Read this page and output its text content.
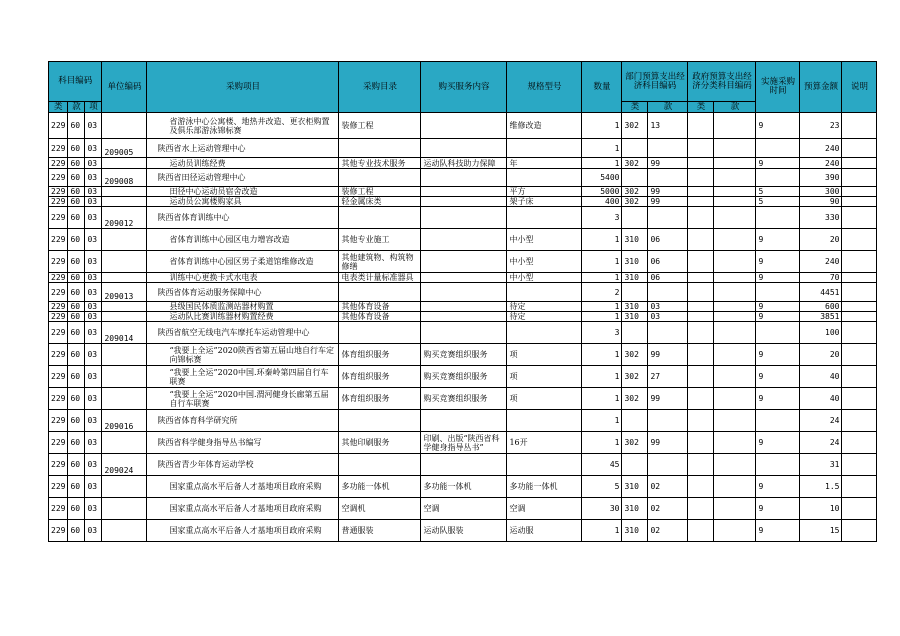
科目编码			单位编码	采购项目	采购目录	购买服务内容	规格型号	数量	部门预算支出经济科目编码		政府预算支出经济分类科目编码		实施采购时间	预算金额	说明
类	款	项							类	款	类	款			
229	60	03		省游泳中心公寓楼、地热井改造、更衣柜购置及俱乐部游泳锦标赛	装修工程		维修改造	1	302	13			9	23	
229	60	03	209005	陕西省水上运动管理中心				1						240	
229	60	03		运动员训练经费	其他专业技术服务	运动队科技助力保障	年	1	302	99			9	240	
229	60	03	209008	陕西省田径运动管理中心				5400						390	
229	60	03		田径中心运动员宿舍改造	装修工程		平方	5000	302	99			5	300	
229	60	03		运动员公寓楼购家具	轻金属床类		架子床	400	302	99			5	90	
229	60	03	209012	陕西省体育训练中心				3						330	
229	60	03		省体育训练中心园区电力增容改造	其他专业施工		中小型	1	310	06			9	20	
229	60	03		省体育训练中心园区男子柔道馆维修改造	其他建筑物、构筑物修缮		中小型	1	310	06			9	240	
229	60	03		训练中心更换卡式水电表	电表类计量标准器具		中小型	1	310	06			9	70	
229	60	03	209013	陕西省体育运动服务保障中心				2						4451	
229	60	03		县级国民体质监测站器材购置	其他体育设备		待定	1	310	03			9	600	
229	60	03		运动队比赛训练器材购置经费	其他体育设备		待定	1	310	03			9	3851	
229	60	03	209014	陕西省航空无线电汽车摩托车运动管理中心				3						100	
229	60	03		“我要上全运”2020陕西省第五届山地自行车定向锦标赛	体育组织服务	购买竞赛组织服务	项	1	302	99			9	20	
229	60	03		“我要上全运”2020中国.环秦岭第四届自行车联赛	体育组织服务	购买竞赛组织服务	项	1	302	27			9	40	
229	60	03		“我要上全运”2020中国.渭河健身长廊第五届自行车联赛	体育组织服务	购买竞赛组织服务	项	1	302	99			9	40	
229	60	03	209016	陕西省体育科学研究所				1						24	
229	60	03		陕西省科学健身指导丛书编写	其他印刷服务	印刷、出版“陕西省科学健身指导丛书”	16开	1	302	99			9	24	
229	60	03	209024	陕西省青少年体育运动学校				45						31	
229	60	03		国家重点高水平后备人才基地项目政府采购	多功能一体机	多功能一体机	多功能一体机	5	310	02			9	1.5	
229	60	03		国家重点高水平后备人才基地项目政府采购	空调机	空调	空调	30	310	02			9	10	
229	60	03		国家重点高水平后备人才基地项目政府采购	普通服装	运动队服装	运动服	1	310	02			9	15	
